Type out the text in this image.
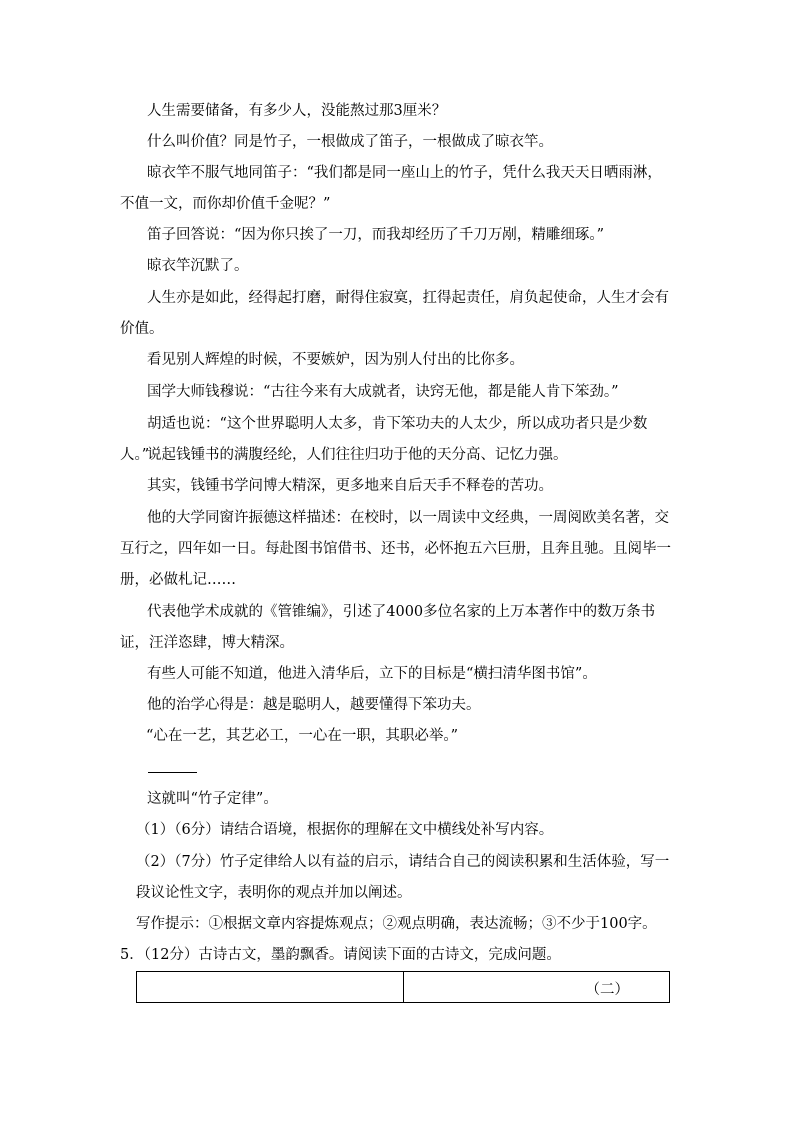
人生需要储备，有多少人，没能熬过那3厘米？

什么叫价值？同是竹子，一根做成了笛子，一根做成了晾衣竿。

晾衣竿不服气地同笛子：“我们都是同一座山上的竹子，凭什么我天天日晒雨淋，不值一文，而你却价值千金呢？”

笛子回答说：“因为你只挨了一刀，而我却经历了千刀万剐，精雕细琢。”

晾衣竿沉默了。

人生亦是如此，经得起打磨，耐得住寂寞，扛得起责任，肩负起使命，人生才会有价值。

看见别人辉煌的时候，不要嫉妒，因为别人付出的比你多。

国学大师钱穆说：“古往今来有大成就者，诀窍无他，都是能人肯下笨劲。”

胡适也说：“这个世界聪明人太多，肯下笨功夫的人太少，所以成功者只是少数人。”

说起钱锺书的满腹经纶，人们往往归功于他的天分高、记忆力强。

其实，钱锺书学问博大精深，更多地来自后天手不释卷的苦功。

他的大学同窗许振德这样描述：在校时，以一周读中文经典，一周阅欧美名著，交互行之，四年如一日。每赴图书馆借书、还书，必怀抱五六巨册，且奔且驰。且阅毕一册，必做札记……

代表他学术成就的《管锥编》，引述了4000多位名家的上万本著作中的数万条书证，汪洋恣肆，博大精深。

有些人可能不知道，他进入清华后，立下的目标是“横扫清华图书馆”。

他的治学心得是：越是聪明人，越要懂得下笨功夫。

“心在一艺，其艺必工，一心在一职，其职必举。”

这就叫“竹子定律”。

（1）（6分）请结合语境，根据你的理解在文中横线处补写内容。

（2）（7分）竹子定律给人以有益的启示，请结合自己的阅读积累和生活体验，写一段议论性文字，表明你的观点并加以阐述。

写作提示：①根据文章内容提炼观点；②观点明确，表达流畅；③不少于100字。

5．（12分）古诗古文，墨韵飘香。请阅读下面的古诗文，完成问题。

（二）
